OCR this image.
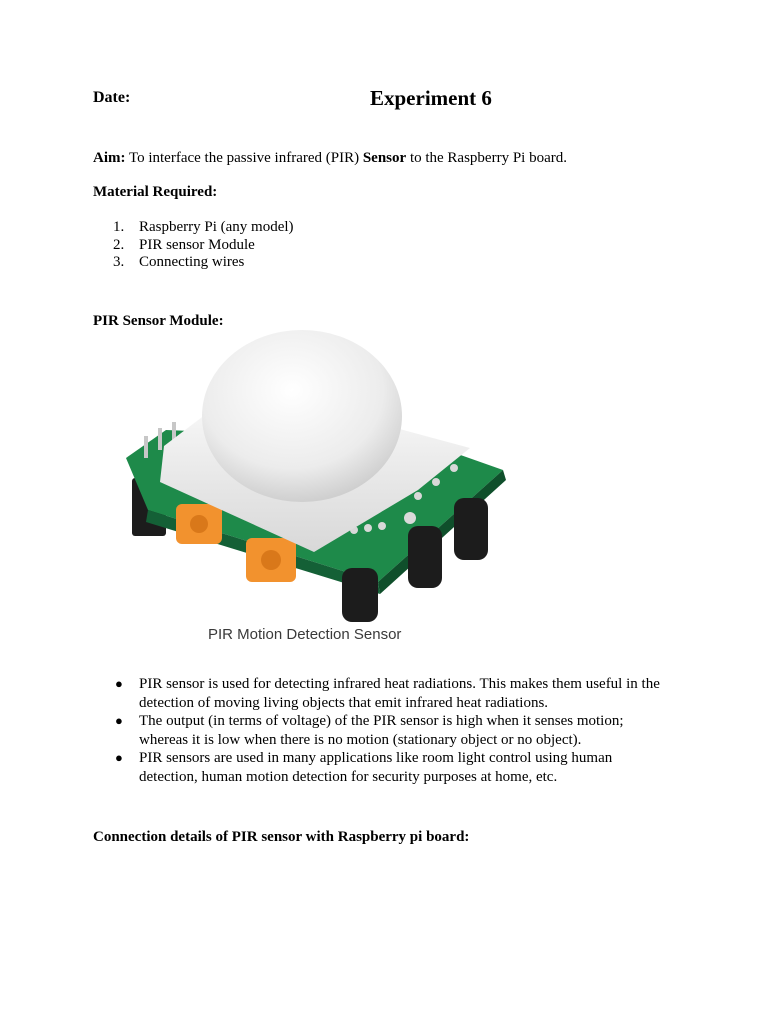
Date:	Experiment 6
Aim: To interface the passive infrared (PIR) Sensor to the Raspberry Pi board.
Material Required:
1. Raspberry Pi (any model)
2. PIR sensor Module
3. Connecting wires
PIR Sensor Module:
PIR Motion Detection Sensor
● PIR sensor is used for detecting infrared heat radiations. This makes them useful in the detection of moving living objects that emit infrared heat radiations.
● The output (in terms of voltage) of the PIR sensor is high when it senses motion; whereas it is low when there is no motion (stationary object or no object).
● PIR sensors are used in many applications like room light control using human detection, human motion detection for security purposes at home, etc.
Connection details of PIR sensor with Raspberry pi board:
